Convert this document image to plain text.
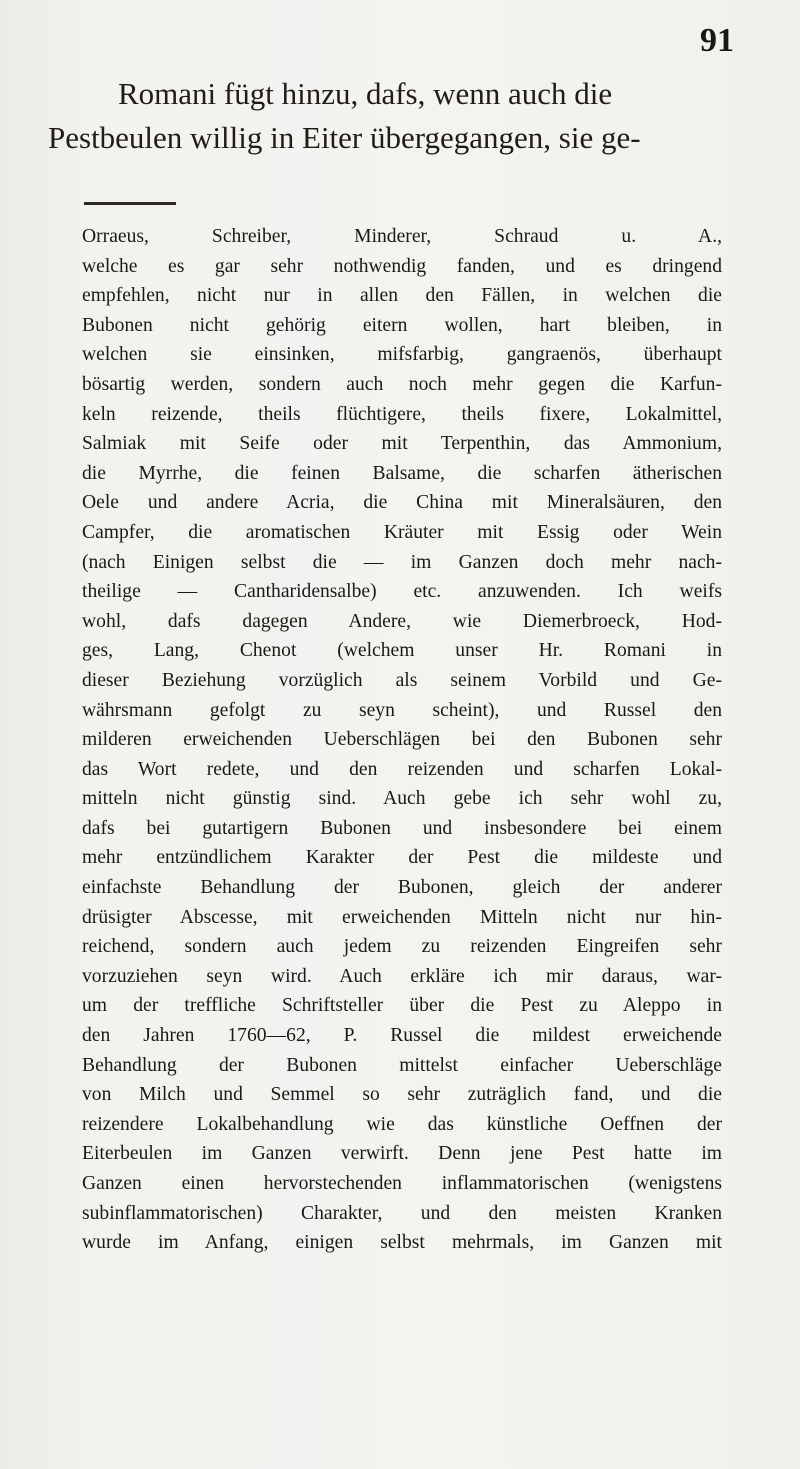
91

Romani fügt hinzu, dafs, wenn auch die

Pestbeulen willig in Eiter übergegangen, sie ge-

Orraeus, Schreiber, Minderer, Schraud u. A.,
welche es gar sehr nothwendig fanden, und es dringend
empfehlen, nicht nur in allen den Fällen, in welchen die
Bubonen nicht gehörig eitern wollen, hart bleiben, in
welchen sie einsinken, mifsfarbig, gangraenös, überhaupt
bösartig werden, sondern auch noch mehr gegen die Karfun-
keln reizende, theils flüchtigere, theils fixere, Lokalmittel,
Salmiak mit Seife oder mit Terpenthin, das Ammonium,
die Myrrhe, die feinen Balsame, die scharfen ätherischen
Oele und andere Acria, die China mit Mineralsäuren, den
Campfer, die aromatischen Kräuter mit Essig oder Wein
(nach Einigen selbst die — im Ganzen doch mehr nach-
theilige — Cantharidensalbe) etc. anzuwenden. Ich weifs
wohl, dafs dagegen Andere, wie Diemerbroeck, Hod-
ges, Lang, Chenot (welchem unser Hr. Romani in
dieser Beziehung vorzüglich als seinem Vorbild und Ge-
währsmann gefolgt zu seyn scheint), und Russel den
milderen erweichenden Ueberschlägen bei den Bubonen sehr
das Wort redete, und den reizenden und scharfen Lokal-
mitteln nicht günstig sind. Auch gebe ich sehr wohl zu,
dafs bei gutartigern Bubonen und insbesondere bei einem
mehr entzündlichem Karakter der Pest die mildeste und
einfachste Behandlung der Bubonen, gleich der anderer
drüsigter Abscesse, mit erweichenden Mitteln nicht nur hin-
reichend, sondern auch jedem zu reizenden Eingreifen sehr
vorzuziehen seyn wird. Auch erkläre ich mir daraus, war-
um der treffliche Schriftsteller über die Pest zu Aleppo in
den Jahren 1760—62, P. Russel die mildest erweichende
Behandlung der Bubonen mittelst einfacher Ueberschläge
von Milch und Semmel so sehr zuträglich fand, und die
reizendere Lokalbehandlung wie das künstliche Oeffnen der
Eiterbeulen im Ganzen verwirft. Denn jene Pest hatte im
Ganzen einen hervorstechenden inflammatorischen (wenigstens
subinflammatorischen) Charakter, und den meisten Kranken
wurde im Anfang, einigen selbst mehrmals, im Ganzen mit
